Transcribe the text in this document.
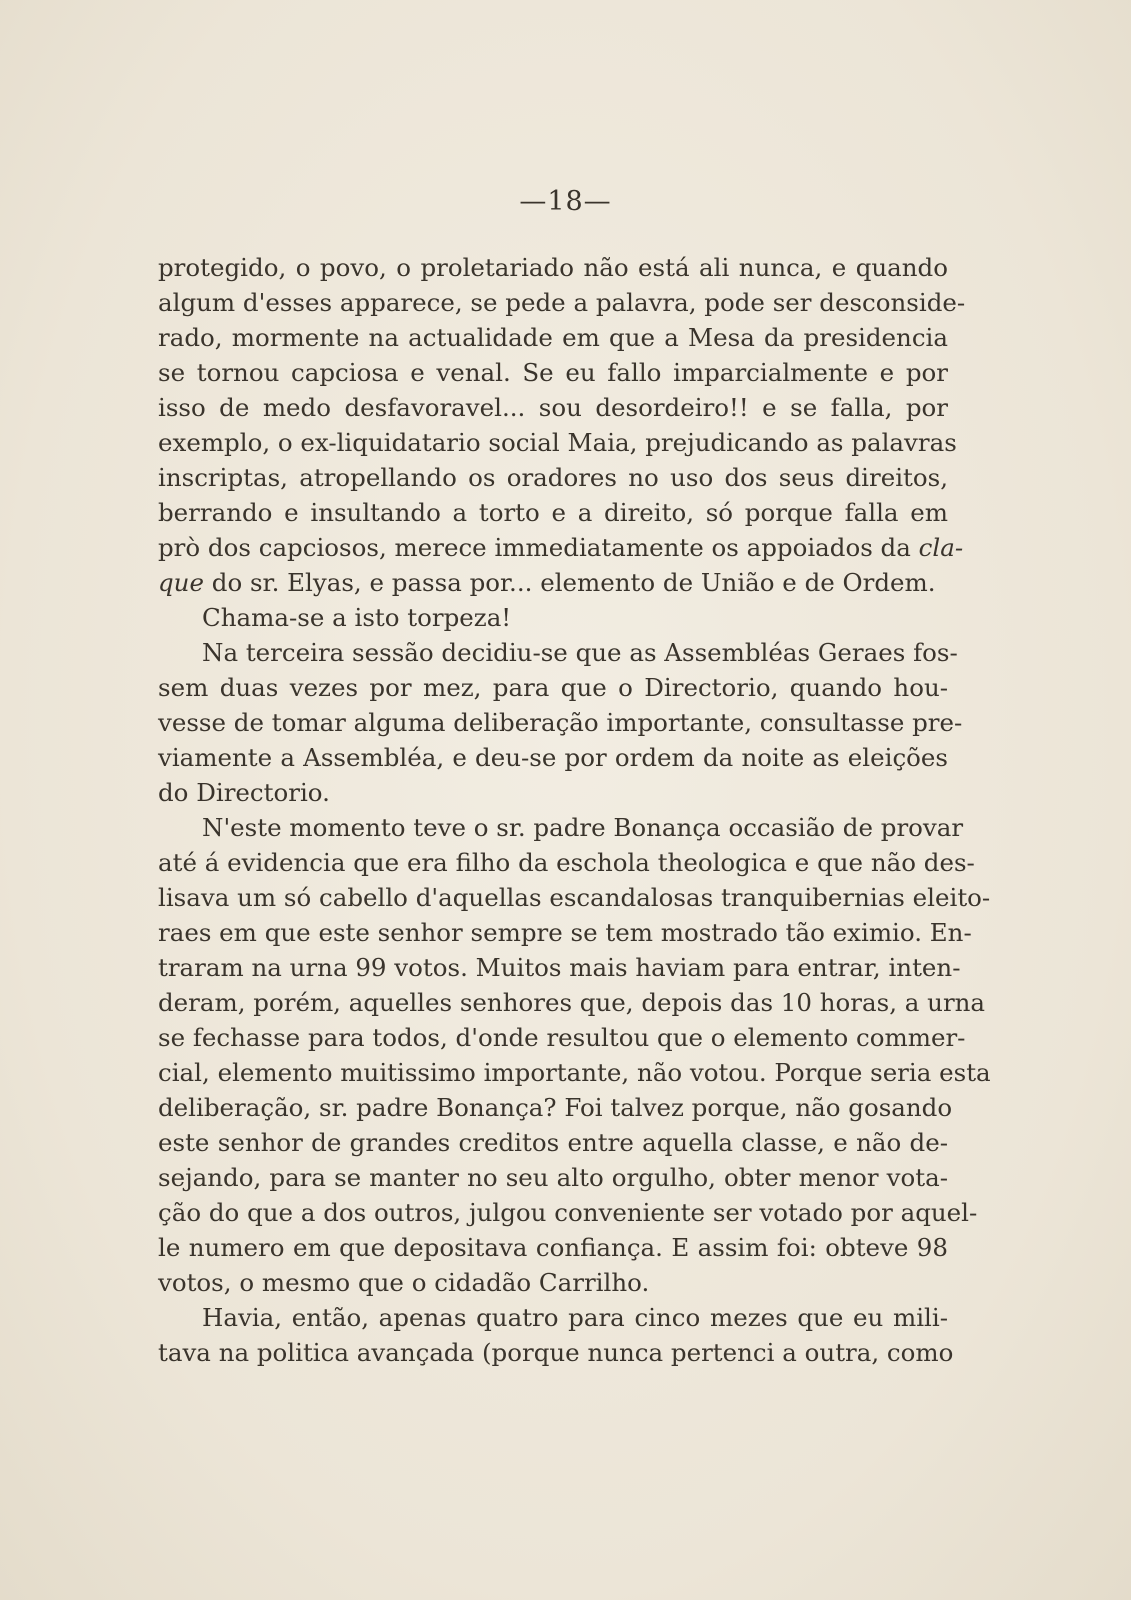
—18—
protegido, o povo, o proletariado não está ali nunca, e quando
algum d'esses apparece, se pede a palavra, pode ser desconside-
rado, mormente na actualidade em que a Mesa da presidencia
se tornou capciosa e venal. Se eu fallo imparcialmente e por
isso de medo desfavoravel... sou desordeiro!! e se falla, por
exemplo, o ex-liquidatario social Maia, prejudicando as palavras
inscriptas, atropellando os oradores no uso dos seus direitos,
berrando e insultando a torto e a direito, só porque falla em
prò dos capciosos, merece immediatamente os appoiados da cla-
que do sr. Elyas, e passa por... elemento de União e de Ordem.
Chama-se a isto torpeza!
Na terceira sessão decidiu-se que as Assembléas Geraes fos-
sem duas vezes por mez, para que o Directorio, quando hou-
vesse de tomar alguma deliberação importante, consultasse pre-
viamente a Assembléa, e deu-se por ordem da noite as eleições
do Directorio.
N'este momento teve o sr. padre Bonança occasião de provar
até á evidencia que era filho da eschola theologica e que não des-
lisava um só cabello d'aquellas escandalosas tranquibernias eleito-
raes em que este senhor sempre se tem mostrado tão eximio. En-
traram na urna 99 votos. Muitos mais haviam para entrar, inten-
deram, porém, aquelles senhores que, depois das 10 horas, a urna
se fechasse para todos, d'onde resultou que o elemento commer-
cial, elemento muitissimo importante, não votou. Porque seria esta
deliberação, sr. padre Bonança? Foi talvez porque, não gosando
este senhor de grandes creditos entre aquella classe, e não de-
sejando, para se manter no seu alto orgulho, obter menor vota-
ção do que a dos outros, julgou conveniente ser votado por aquel-
le numero em que depositava confiança. E assim foi: obteve 98
votos, o mesmo que o cidadão Carrilho.
Havia, então, apenas quatro para cinco mezes que eu mili-
tava na politica avançada (porque nunca pertenci a outra, como
